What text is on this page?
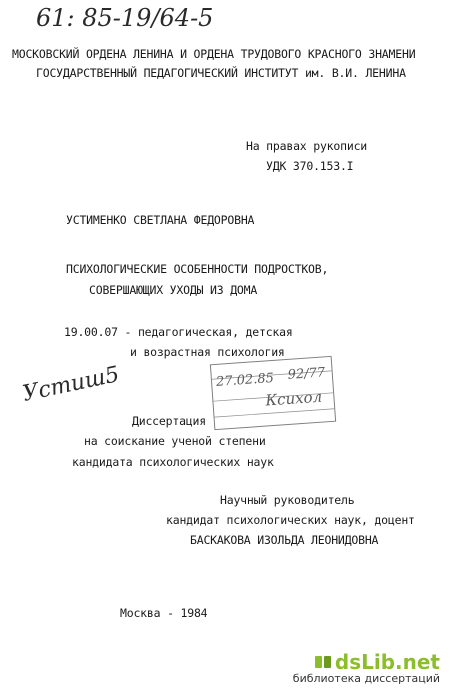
61: 85-19/64-5
МОСКОВСКИЙ ОРДЕНА ЛЕНИНА И ОРДЕНА ТРУДОВОГО КРАСНОГО ЗНАМЕНИ
ГОСУДАРСТВЕННЫЙ ПЕДАГОГИЧЕСКИЙ ИНСТИТУТ им. В.И. ЛЕНИНА
На правах рукописи
УДК 370.153.I
УСТИМЕНКО СВЕТЛАНА ФЕДОРОВНА
ПСИХОЛОГИЧЕСКИЕ ОСОБЕННОСТИ ПОДРОСТКОВ,
СОВЕРШАЮЩИХ УХОДЫ ИЗ ДОМА
19.00.07 - педагогическая, детская
и возрастная психология
Устиш5	27.02.85 92/77
Ксихол
Диссертация
на соискание ученой степени
кандидата психологических наук
Научный руководитель
кандидат психологических наук, доцент
БАСКАКОВА ИЗОЛЬДА ЛЕОНИДОВНА
Москва - 1984
dsLib.net
библиотека диссертаций
